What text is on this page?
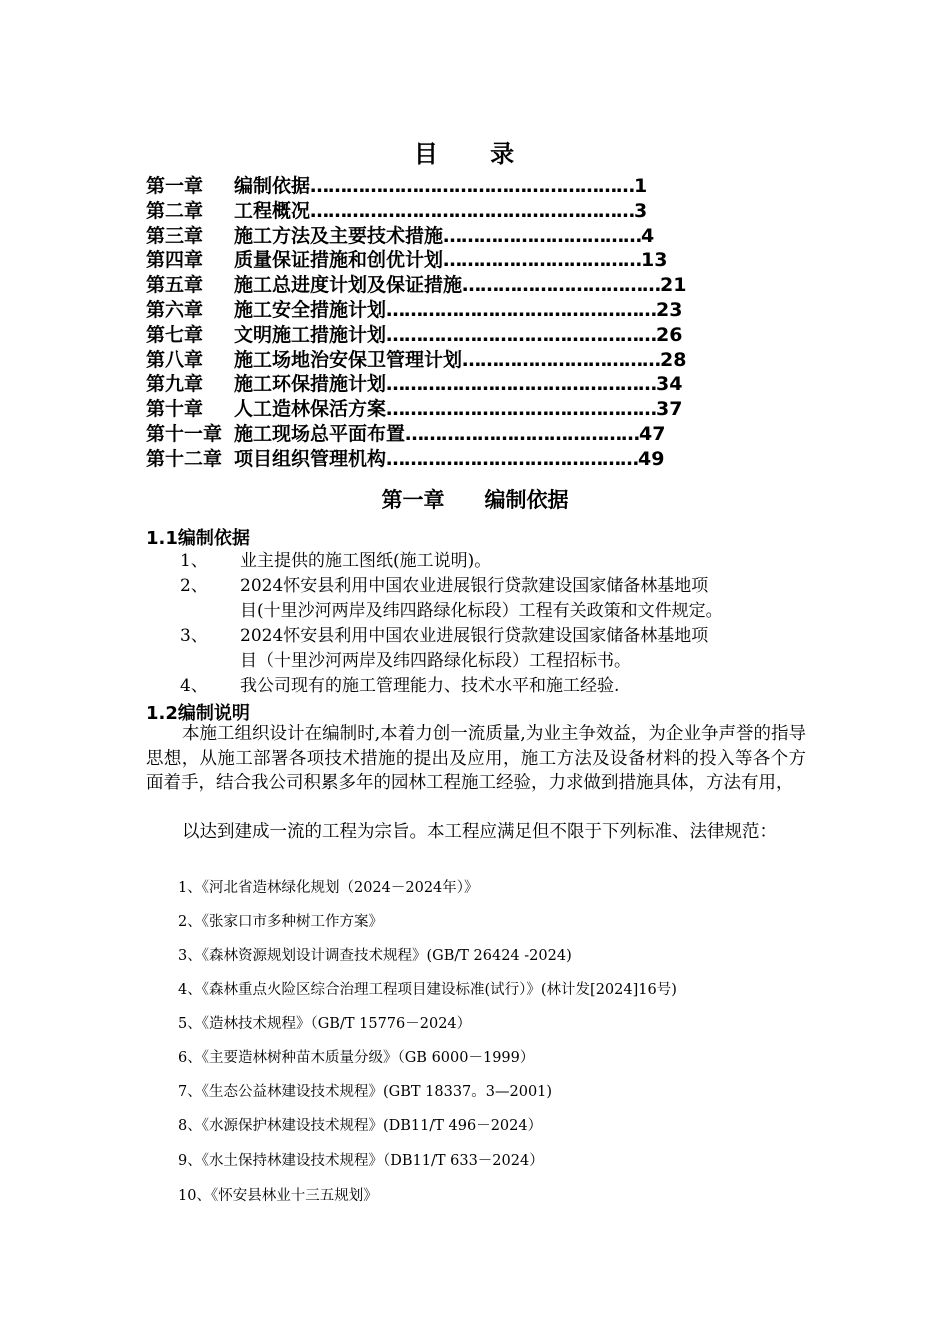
目 录
第一章 编制依据………………………………………………1
第二章 工程概况………………………………………………3
第三章 施工方法及主要技术措施……………………………4
第四章 质量保证措施和创优计划……………………………13
第五章 施工总进度计划及保证措施……………………………21
第六章 施工安全措施计划………………………………………23
第七章 文明施工措施计划………………………………………26
第八章 施工场地治安保卫管理计划……………………………28
第九章 施工环保措施计划………………………………………34
第十章 人工造林保活方案………………………………………37
第十一章 施工现场总平面布置…………………………………47
第十二章 项目组织管理机构……………………………………49
第一章 编制依据
1.1编制依据
1、 业主提供的施工图纸(施工说明)。
2、 2024怀安县利用中国农业进展银行贷款建设国家储备林基地项
目(十里沙河两岸及纬四路绿化标段）工程有关政策和文件规定。
3、 2024怀安县利用中国农业进展银行贷款建设国家储备林基地项
目（十里沙河两岸及纬四路绿化标段）工程招标书。
4、 我公司现有的施工管理能力、技术水平和施工经验.
1.2编制说明
本施工组织设计在编制时,本着力创一流质量,为业主争效益，为企业争声誉的指导思想，从施工部署各项技术措施的提出及应用，施工方法及设备材料的投入等各个方面着手，结合我公司积累多年的园林工程施工经验，力求做到措施具体，方法有用，
以达到建成一流的工程为宗旨。本工程应满足但不限于下列标准、法律规范：
1、《河北省造林绿化规划（2024－2024年）》
2、《张家口市多种树工作方案》
3、《森林资源规划设计调查技术规程》(GB/T 26424 -2024)
4、《森林重点火险区综合治理工程项目建设标准(试行）》(林计发[2024]16号)
5、《造林技术规程》（GB/T 15776－2024）
6、《主要造林树种苗木质量分级》（GB 6000－1999）
7、《生态公益林建设技术规程》(GBT 18337。3—2001)
8、《水源保护林建设技术规程》(DB11/T 496－2024）
9、《水土保持林建设技术规程》（DB11/T 633－2024）
10、《怀安县林业十三五规划》
